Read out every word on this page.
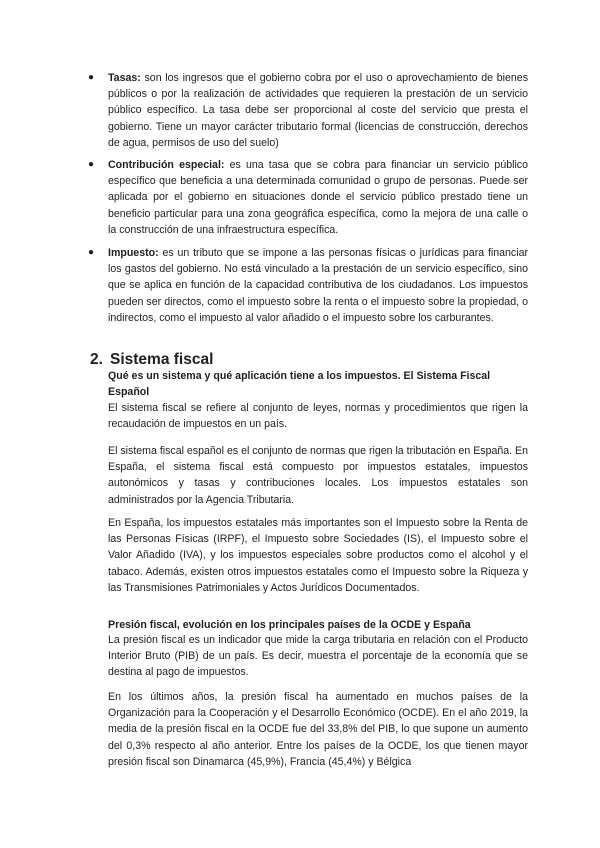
● Tasas: son los ingresos que el gobierno cobra por el uso o aprovechamiento de bienes públicos o por la realización de actividades que requieren la prestación de un servicio público específico. La tasa debe ser proporcional al coste del servicio que presta el gobierno. Tiene un mayor carácter tributario formal (licencias de construcción, derechos de agua, permisos de uso del suelo)
● Contribución especial: es una tasa que se cobra para financiar un servicio público específico que beneficia a una determinada comunidad o grupo de personas. Puede ser aplicada por el gobierno en situaciones donde el servicio público prestado tiene un beneficio particular para una zona geográfica específica, como la mejora de una calle o la construcción de una infraestructura específica.
● Impuesto: es un tributo que se impone a las personas físicas o jurídicas para financiar los gastos del gobierno. No está vinculado a la prestación de un servicio específico, sino que se aplica en función de la capacidad contributiva de los ciudadanos. Los impuestos pueden ser directos, como el impuesto sobre la renta o el impuesto sobre la propiedad, o indirectos, como el impuesto al valor añadido o el impuesto sobre los carburantes.
2. Sistema fiscal
Qué es un sistema y qué aplicación tiene a los impuestos. El Sistema Fiscal Español

El sistema fiscal se refiere al conjunto de leyes, normas y procedimientos que rigen la recaudación de impuestos en un país.

El sistema fiscal español es el conjunto de normas que rigen la tributación en España. En España, el sistema fiscal está compuesto por impuestos estatales, impuestos autonómicos y tasas y contribuciones locales. Los impuestos estatales son administrados por la Agencia Tributaria.

En España, los impuestos estatales más importantes son el Impuesto sobre la Renta de las Personas Físicas (IRPF), el Impuesto sobre Sociedades (IS), el Impuesto sobre el Valor Añadido (IVA), y los impuestos especiales sobre productos como el alcohol y el tabaco. Además, existen otros impuestos estatales como el Impuesto sobre la Riqueza y las Transmisiones Patrimoniales y Actos Jurídicos Documentados.

Presión fiscal, evolución en los principales países de la OCDE y España

La presión fiscal es un indicador que mide la carga tributaria en relación con el Producto Interior Bruto (PIB) de un país. Es decir, muestra el porcentaje de la economía que se destina al pago de impuestos.

En los últimos años, la presión fiscal ha aumentado en muchos países de la Organización para la Cooperación y el Desarrollo Económico (OCDE). En el año 2019, la media de la presión fiscal en la OCDE fue del 33,8% del PIB, lo que supone un aumento del 0,3% respecto al año anterior. Entre los países de la OCDE, los que tienen mayor presión fiscal son Dinamarca (45,9%), Francia (45,4%) y Bélgica
